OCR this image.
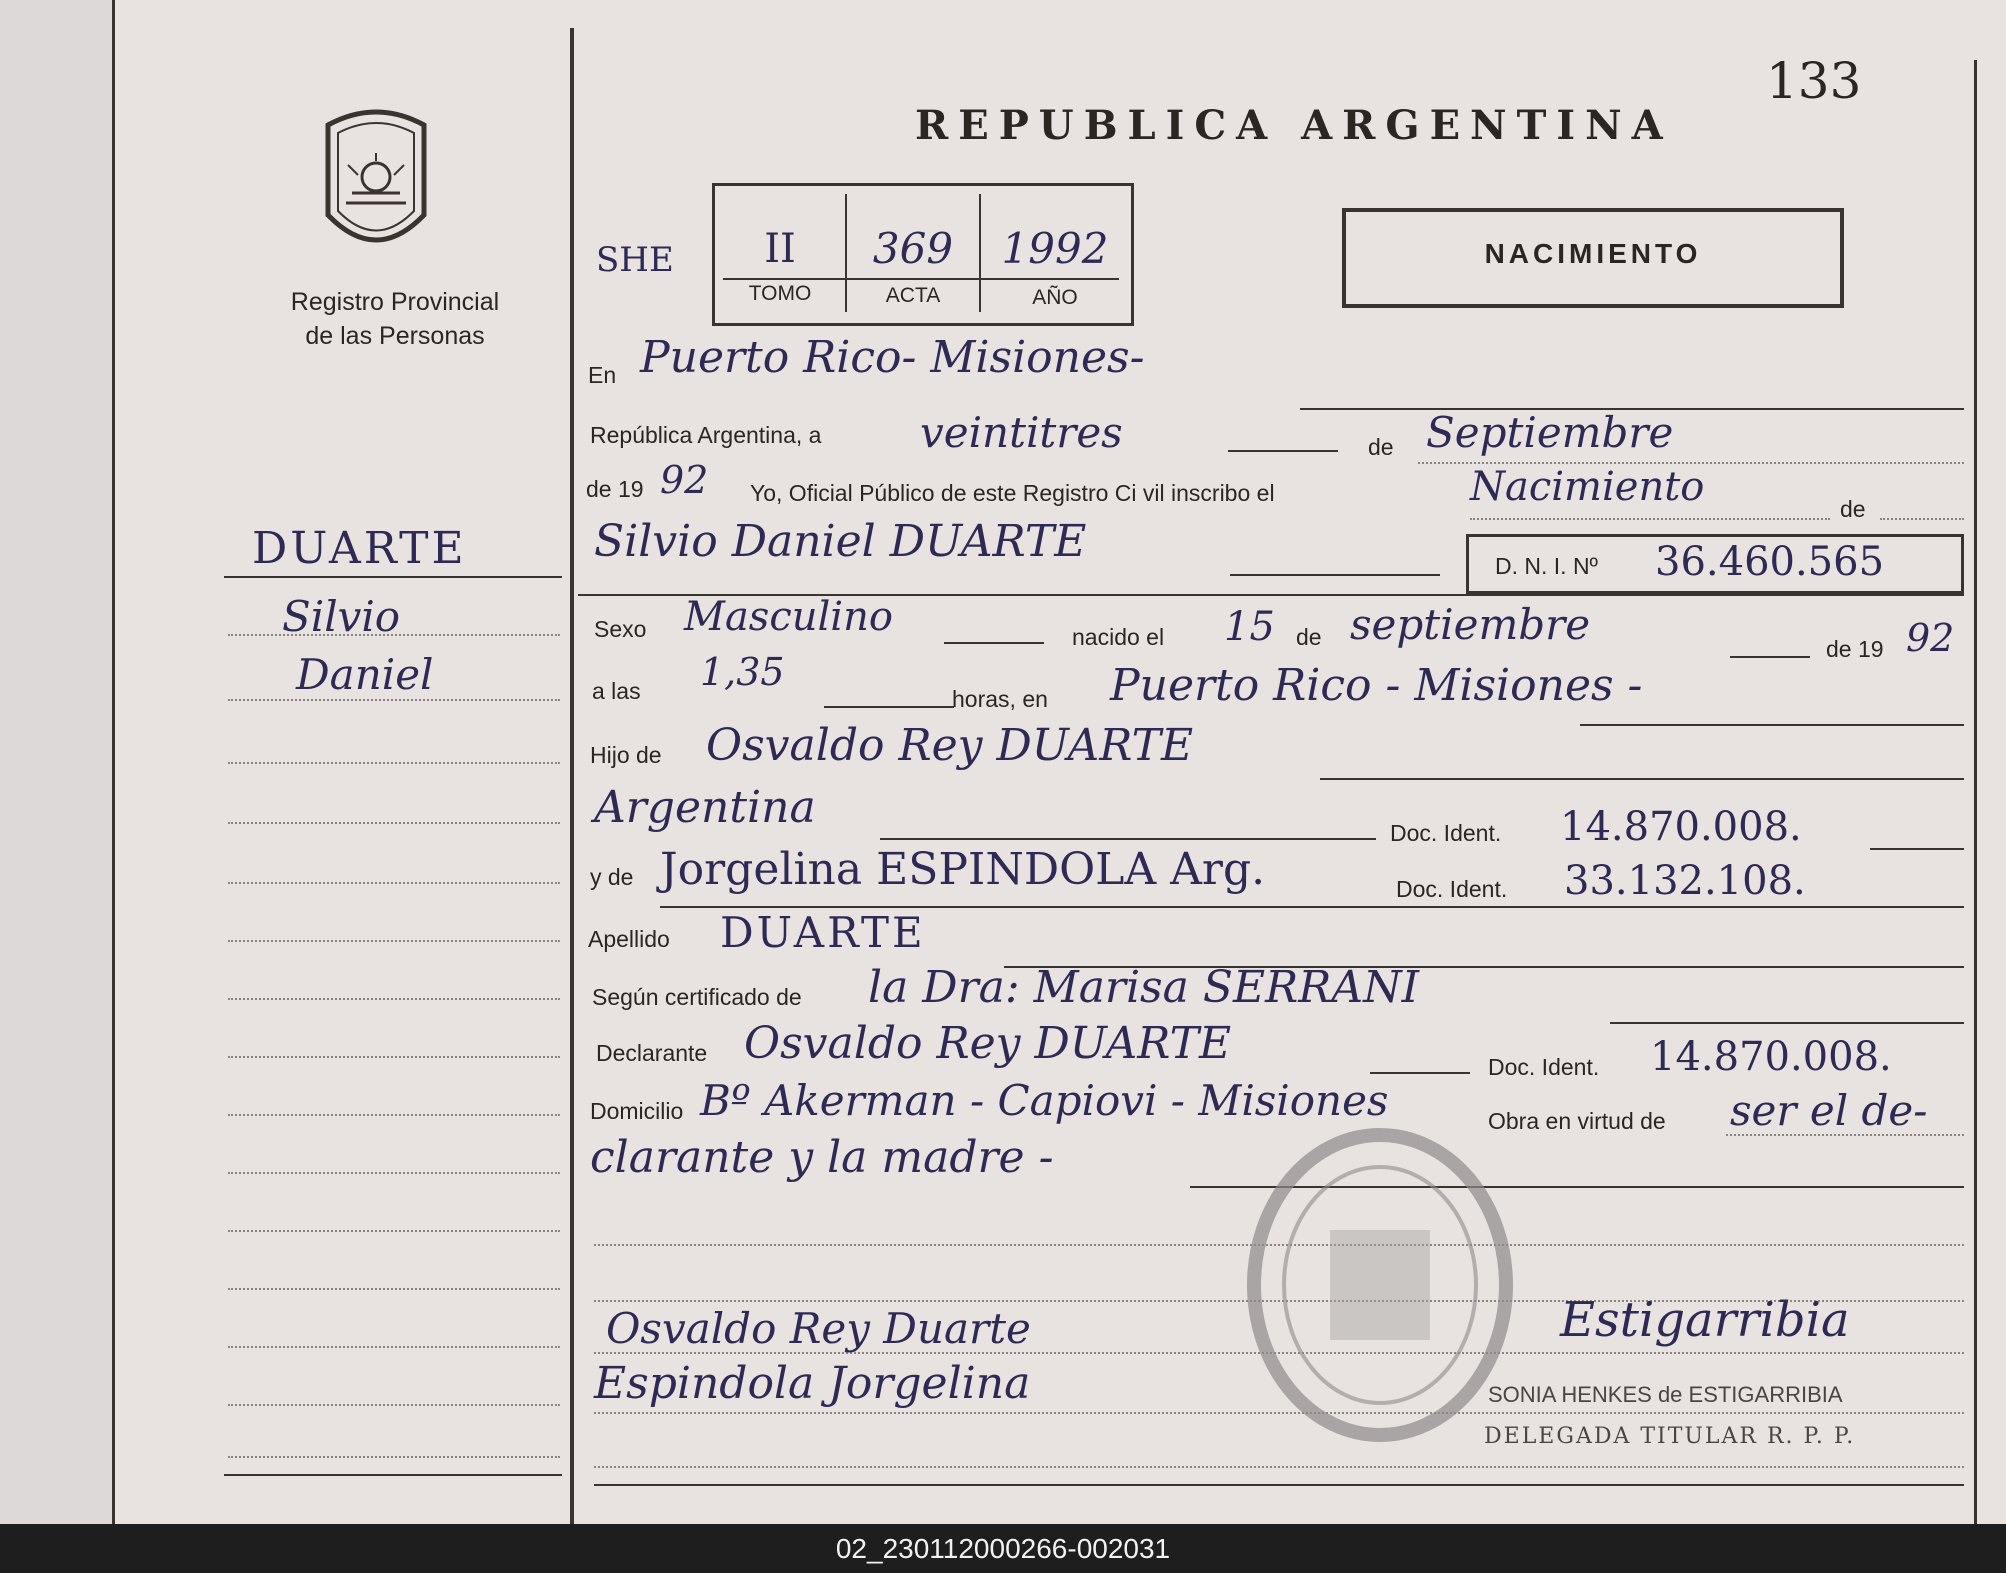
Registro Provincial
de las Personas
DUARTE
Silvio
Daniel
133
REPUBLICA ARGENTINA
SHE	II
TOMO
369
ACTA
1992
AÑO
NACIMIENTO
En Puerto Rico- Misiones-
República Argentina, a veintitres	de Septiembre
de 19 92 Yo, Oficial Público de este Registro Ci vil inscribo el	Nacimiento	de
Silvio Daniel DUARTE	D. N. I. Nº 36.460.565
Sexo Masculino	nacido el 15 de septiembre	de 19 92
a las 1,35
horas, en Puerto Rico - Misiones -
Hijo de Osvaldo Rey DUARTE
Argentina	Doc. Ident. 14.870.008.
y de Jorgelina ESPINDOLA Arg.	Doc. Ident. 33.132.108.
Apellido DUARTE
Según certificado de la Dra: Marisa SERRANI
Declarante Osvaldo Rey DUARTE	Doc. Ident. 14.870.008.
Domicilio Bº Akerman - Capiovi - Misiones	Obra en virtud de ser el de-
clarante y la madre -
Osvaldo Rey Duarte
Espindola Jorgelina
Estigarribia
SONIA HENKES de ESTIGARRIBIA
DELEGADA TITULAR R. P. P.
02_230112000266-002031
